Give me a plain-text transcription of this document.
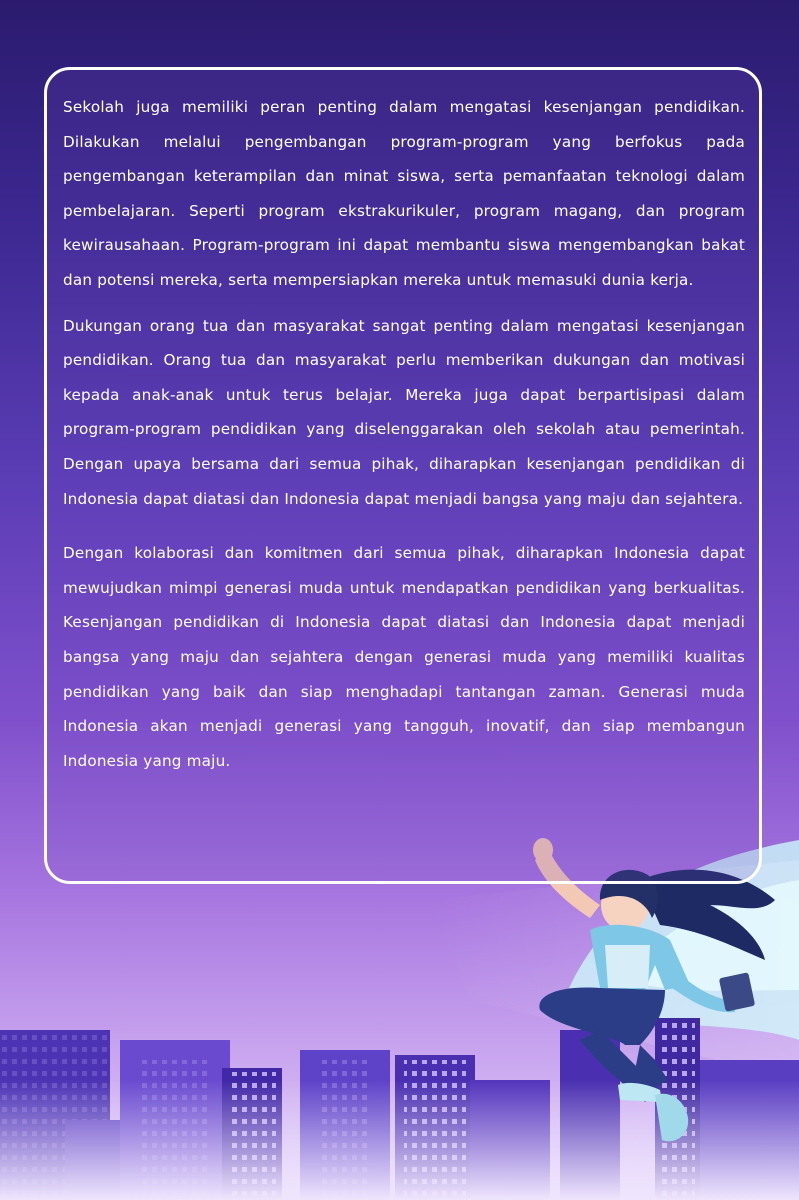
Sekolah juga memiliki peran penting dalam mengatasi kesenjangan pendidikan. Dilakukan melalui pengembangan program-program yang berfokus pada pengembangan keterampilan dan minat siswa, serta pemanfaatan teknologi dalam pembelajaran. Seperti program ekstrakurikuler, program magang, dan program kewirausahaan. Program-program ini dapat membantu siswa mengembangkan bakat dan potensi mereka, serta mempersiapkan mereka untuk memasuki dunia kerja.

Dukungan orang tua dan masyarakat sangat penting dalam mengatasi kesenjangan pendidikan. Orang tua dan masyarakat perlu memberikan dukungan dan motivasi kepada anak-anak untuk terus belajar. Mereka juga dapat berpartisipasi dalam program-program pendidikan yang diselenggarakan oleh sekolah atau pemerintah. Dengan upaya bersama dari semua pihak, diharapkan kesenjangan pendidikan di Indonesia dapat diatasi dan Indonesia dapat menjadi bangsa yang maju dan sejahtera.

Dengan kolaborasi dan komitmen dari semua pihak, diharapkan Indonesia dapat mewujudkan mimpi generasi muda untuk mendapatkan pendidikan yang berkualitas. Kesenjangan pendidikan di Indonesia dapat diatasi dan Indonesia dapat menjadi bangsa yang maju dan sejahtera dengan generasi muda yang memiliki kualitas pendidikan yang baik dan siap menghadapi tantangan zaman. Generasi muda Indonesia akan menjadi generasi yang tangguh, inovatif, dan siap membangun Indonesia yang maju.
